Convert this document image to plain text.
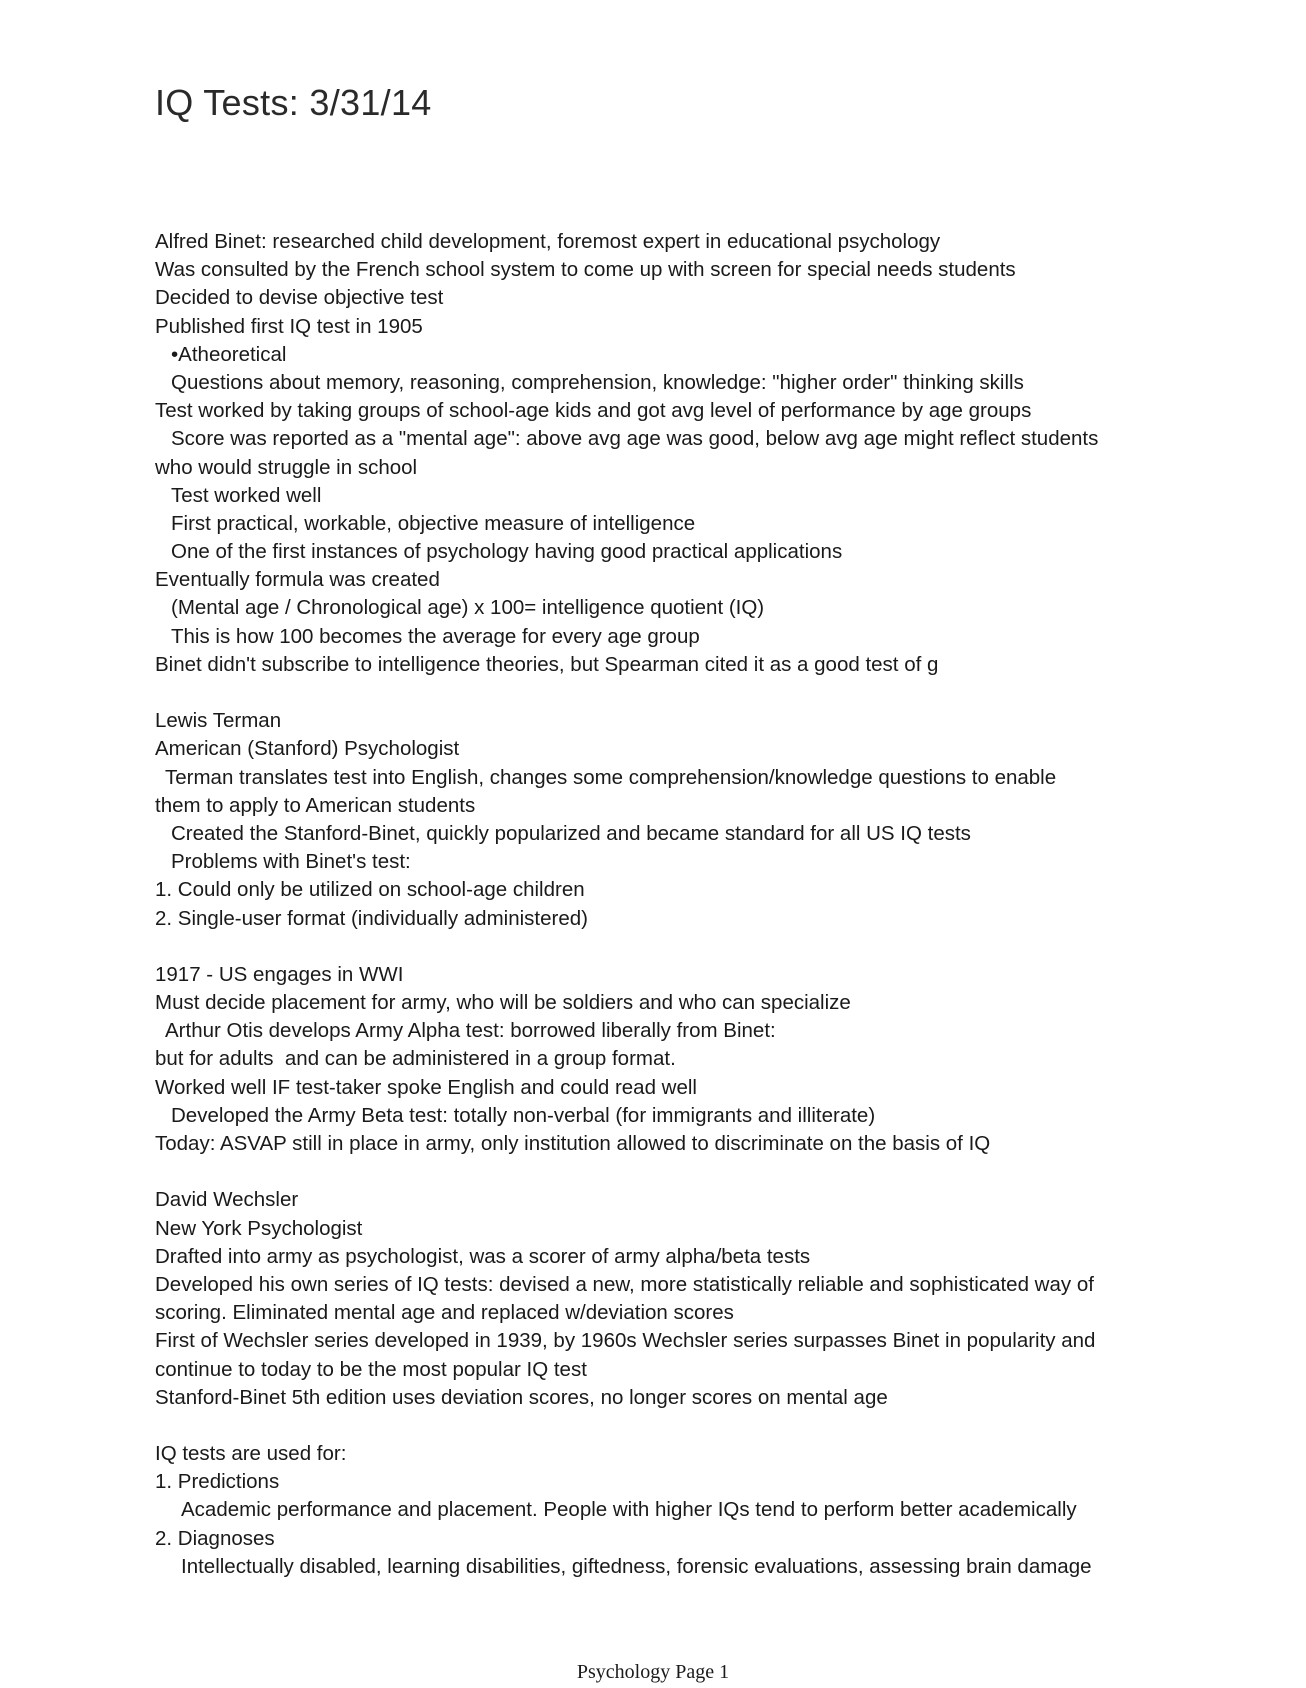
IQ Tests: 3/31/14
Alfred Binet: researched child development, foremost expert in educational psychology
Was consulted by the French school system to come up with screen for special needs students
Decided to devise objective test
Published first IQ test in 1905
•Atheoretical
Questions about memory, reasoning, comprehension, knowledge: "higher order" thinking skills
Test worked by taking groups of school-age kids and got avg level of performance by age groups
Score was reported as a "mental age": above avg age was good, below avg age might reflect students
who would struggle in school
Test worked well
First practical, workable, objective measure of intelligence
One of the first instances of psychology having good practical applications
Eventually formula was created
(Mental age / Chronological age) x 100= intelligence quotient (IQ)
This is how 100 becomes the average for every age group
Binet didn't subscribe to intelligence theories, but Spearman cited it as a good test of g
Lewis Terman
American (Stanford) Psychologist
Terman translates test into English, changes some comprehension/knowledge questions to enable
them to apply to American students
Created the Stanford-Binet, quickly popularized and became standard for all US IQ tests
Problems with Binet's test:
1. Could only be utilized on school-age children
2. Single-user format (individually administered)
1917 - US engages in WWI
Must decide placement for army, who will be soldiers and who can specialize
Arthur Otis develops Army Alpha test: borrowed liberally from Binet:
but for adults  and can be administered in a group format.
Worked well IF test-taker spoke English and could read well
Developed the Army Beta test: totally non-verbal (for immigrants and illiterate)
Today: ASVAP still in place in army, only institution allowed to discriminate on the basis of IQ
David Wechsler
New York Psychologist
Drafted into army as psychologist, was a scorer of army alpha/beta tests
Developed his own series of IQ tests: devised a new, more statistically reliable and sophisticated way of
scoring. Eliminated mental age and replaced w/deviation scores
First of Wechsler series developed in 1939, by 1960s Wechsler series surpasses Binet in popularity and
continue to today to be the most popular IQ test
Stanford-Binet 5th edition uses deviation scores, no longer scores on mental age
IQ tests are used for:
1. Predictions
Academic performance and placement. People with higher IQs tend to perform better academically
2. Diagnoses
Intellectually disabled, learning disabilities, giftedness, forensic evaluations, assessing brain damage
Psychology Page 1
